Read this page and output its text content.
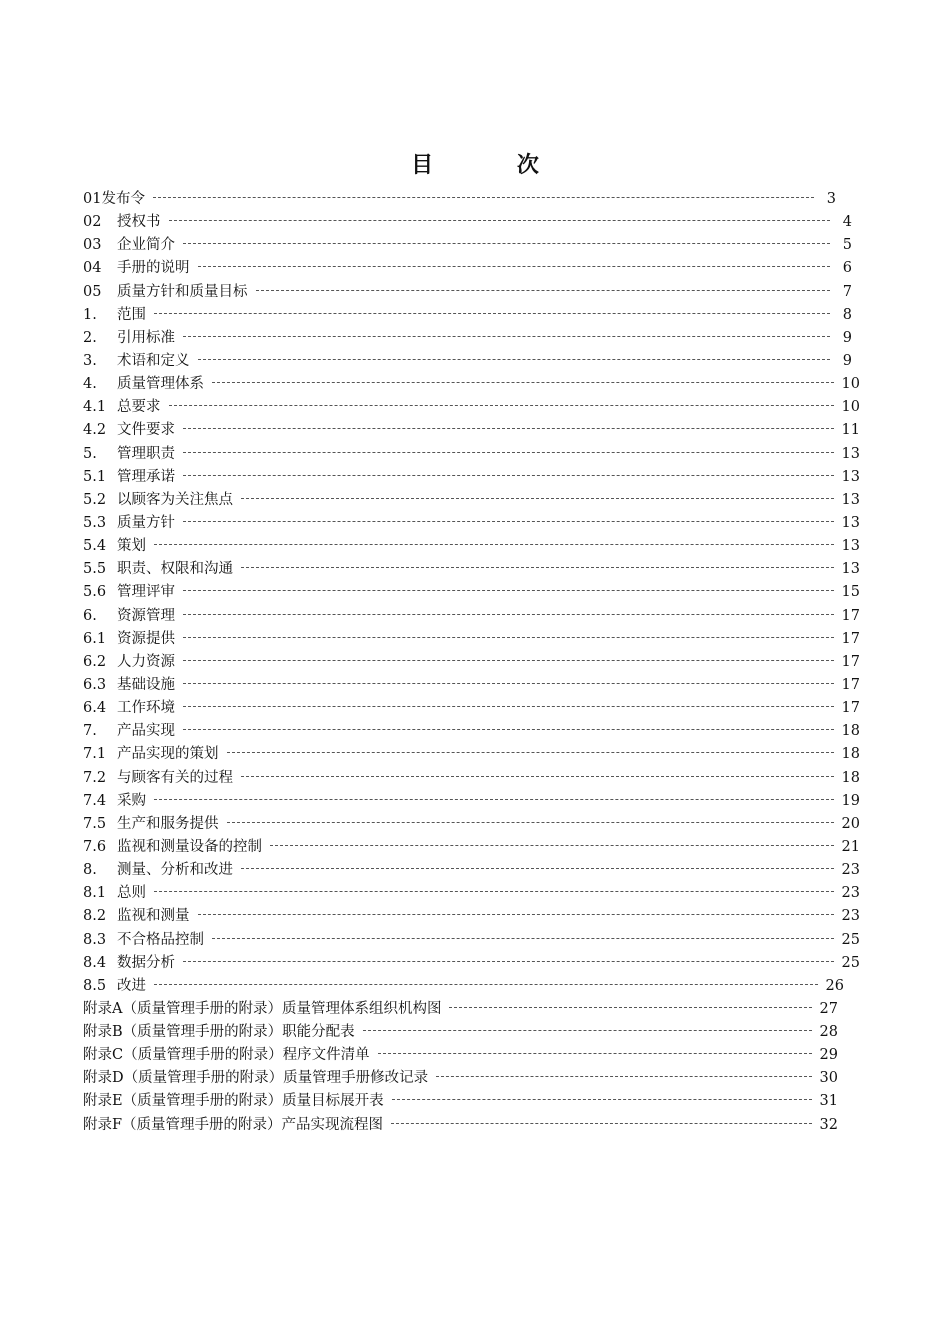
目 次
01发布令	3
02 授权书	4
03 企业简介	5
04 手册的说明	6
05 质量方针和质量目标	7
1. 范围	8
2. 引用标准	9
3. 术语和定义	9
4. 质量管理体系	10
4.1 总要求	10
4.2 文件要求	11
5. 管理职责	13
5.1 管理承诺	13
5.2 以顾客为关注焦点	13
5.3 质量方针	13
5.4 策划	13
5.5 职责、权限和沟通	13
5.6 管理评审	15
6. 资源管理	17
6.1 资源提供	17
6.2 人力资源	17
6.3 基础设施	17
6.4 工作环境	17
7. 产品实现	18
7.1 产品实现的策划	18
7.2 与顾客有关的过程	18
7.4 采购	19
7.5 生产和服务提供	20
7.6 监视和测量设备的控制	21
8. 测量、分析和改进	23
8.1 总则	23
8.2 监视和测量	23
8.3 不合格品控制	25
8.4 数据分析	25
8.5 改进	26
附录A（质量管理手册的附录）质量管理体系组织机构图	27
附录B（质量管理手册的附录）职能分配表	28
附录C（质量管理手册的附录）程序文件清单	29
附录D（质量管理手册的附录）质量管理手册修改记录	30
附录E（质量管理手册的附录）质量目标展开表	31
附录F（质量管理手册的附录）产品实现流程图	32
